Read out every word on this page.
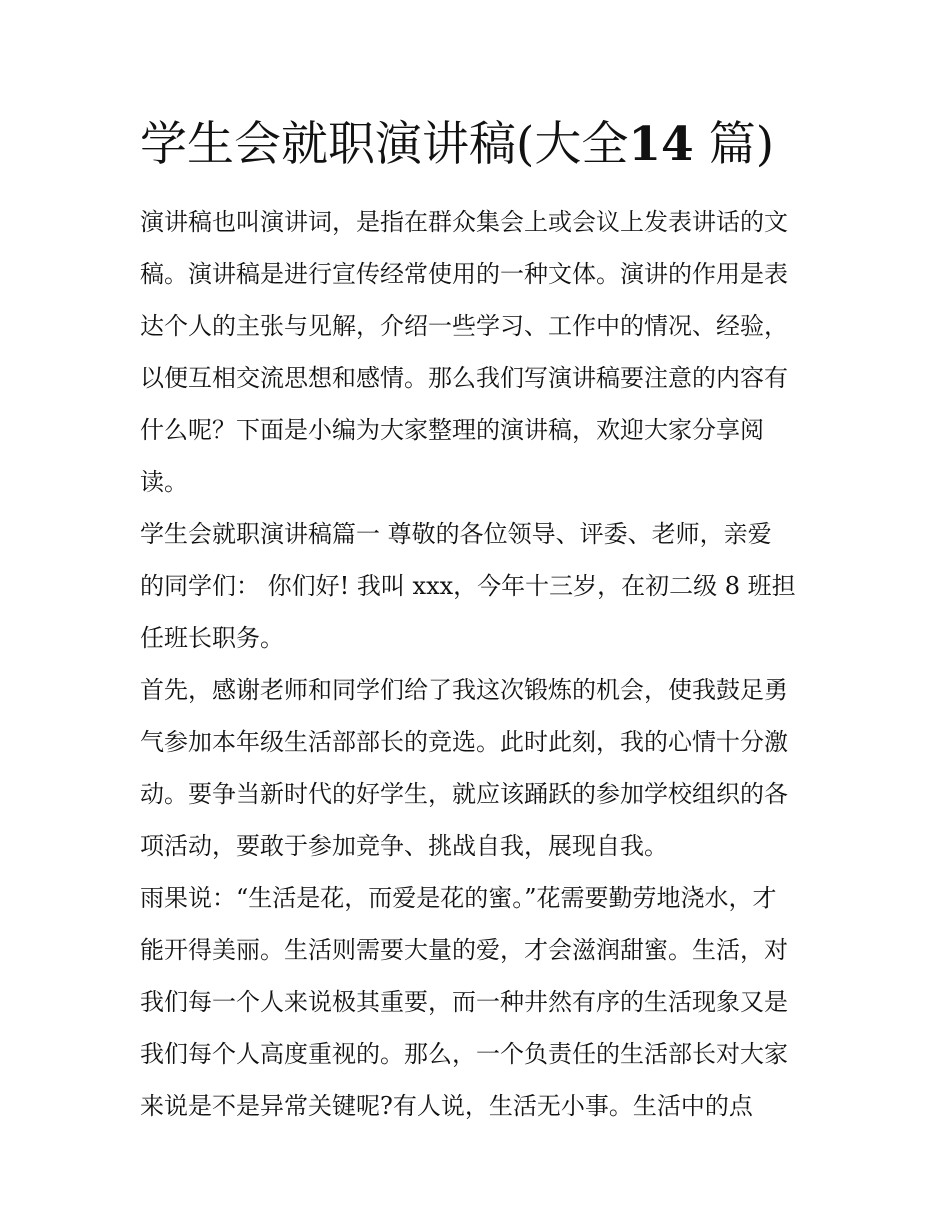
学生会就职演讲稿(大全14 篇)

演讲稿也叫演讲词，是指在群众集会上或会议上发表讲话的文
稿。演讲稿是进行宣传经常使用的一种文体。演讲的作用是表
达个人的主张与见解，介绍一些学习、工作中的情况、经验，
以便互相交流思想和感情。那么我们写演讲稿要注意的内容有
什么呢？下面是小编为大家整理的演讲稿，欢迎大家分享阅
读。

学生会就职演讲稿篇一 尊敬的各位领导、评委、老师，亲爱
的同学们： 你们好! 我叫 xxx，今年十三岁，在初二级 8 班担
任班长职务。

首先，感谢老师和同学们给了我这次锻炼的机会，使我鼓足勇
气参加本年级生活部部长的竞选。此时此刻，我的心情十分激
动。要争当新时代的好学生，就应该踊跃的参加学校组织的各
项活动，要敢于参加竞争、挑战自我，展现自我。

雨果说：“生活是花，而爱是花的蜜。”花需要勤劳地浇水，才
能开得美丽。生活则需要大量的爱，才会滋润甜蜜。生活，对
我们每一个人来说极其重要，而一种井然有序的生活现象又是
我们每个人高度重视的。那么，一个负责任的生活部长对大家
来说是不是异常关键呢?有人说，生活无小事。生活中的点
